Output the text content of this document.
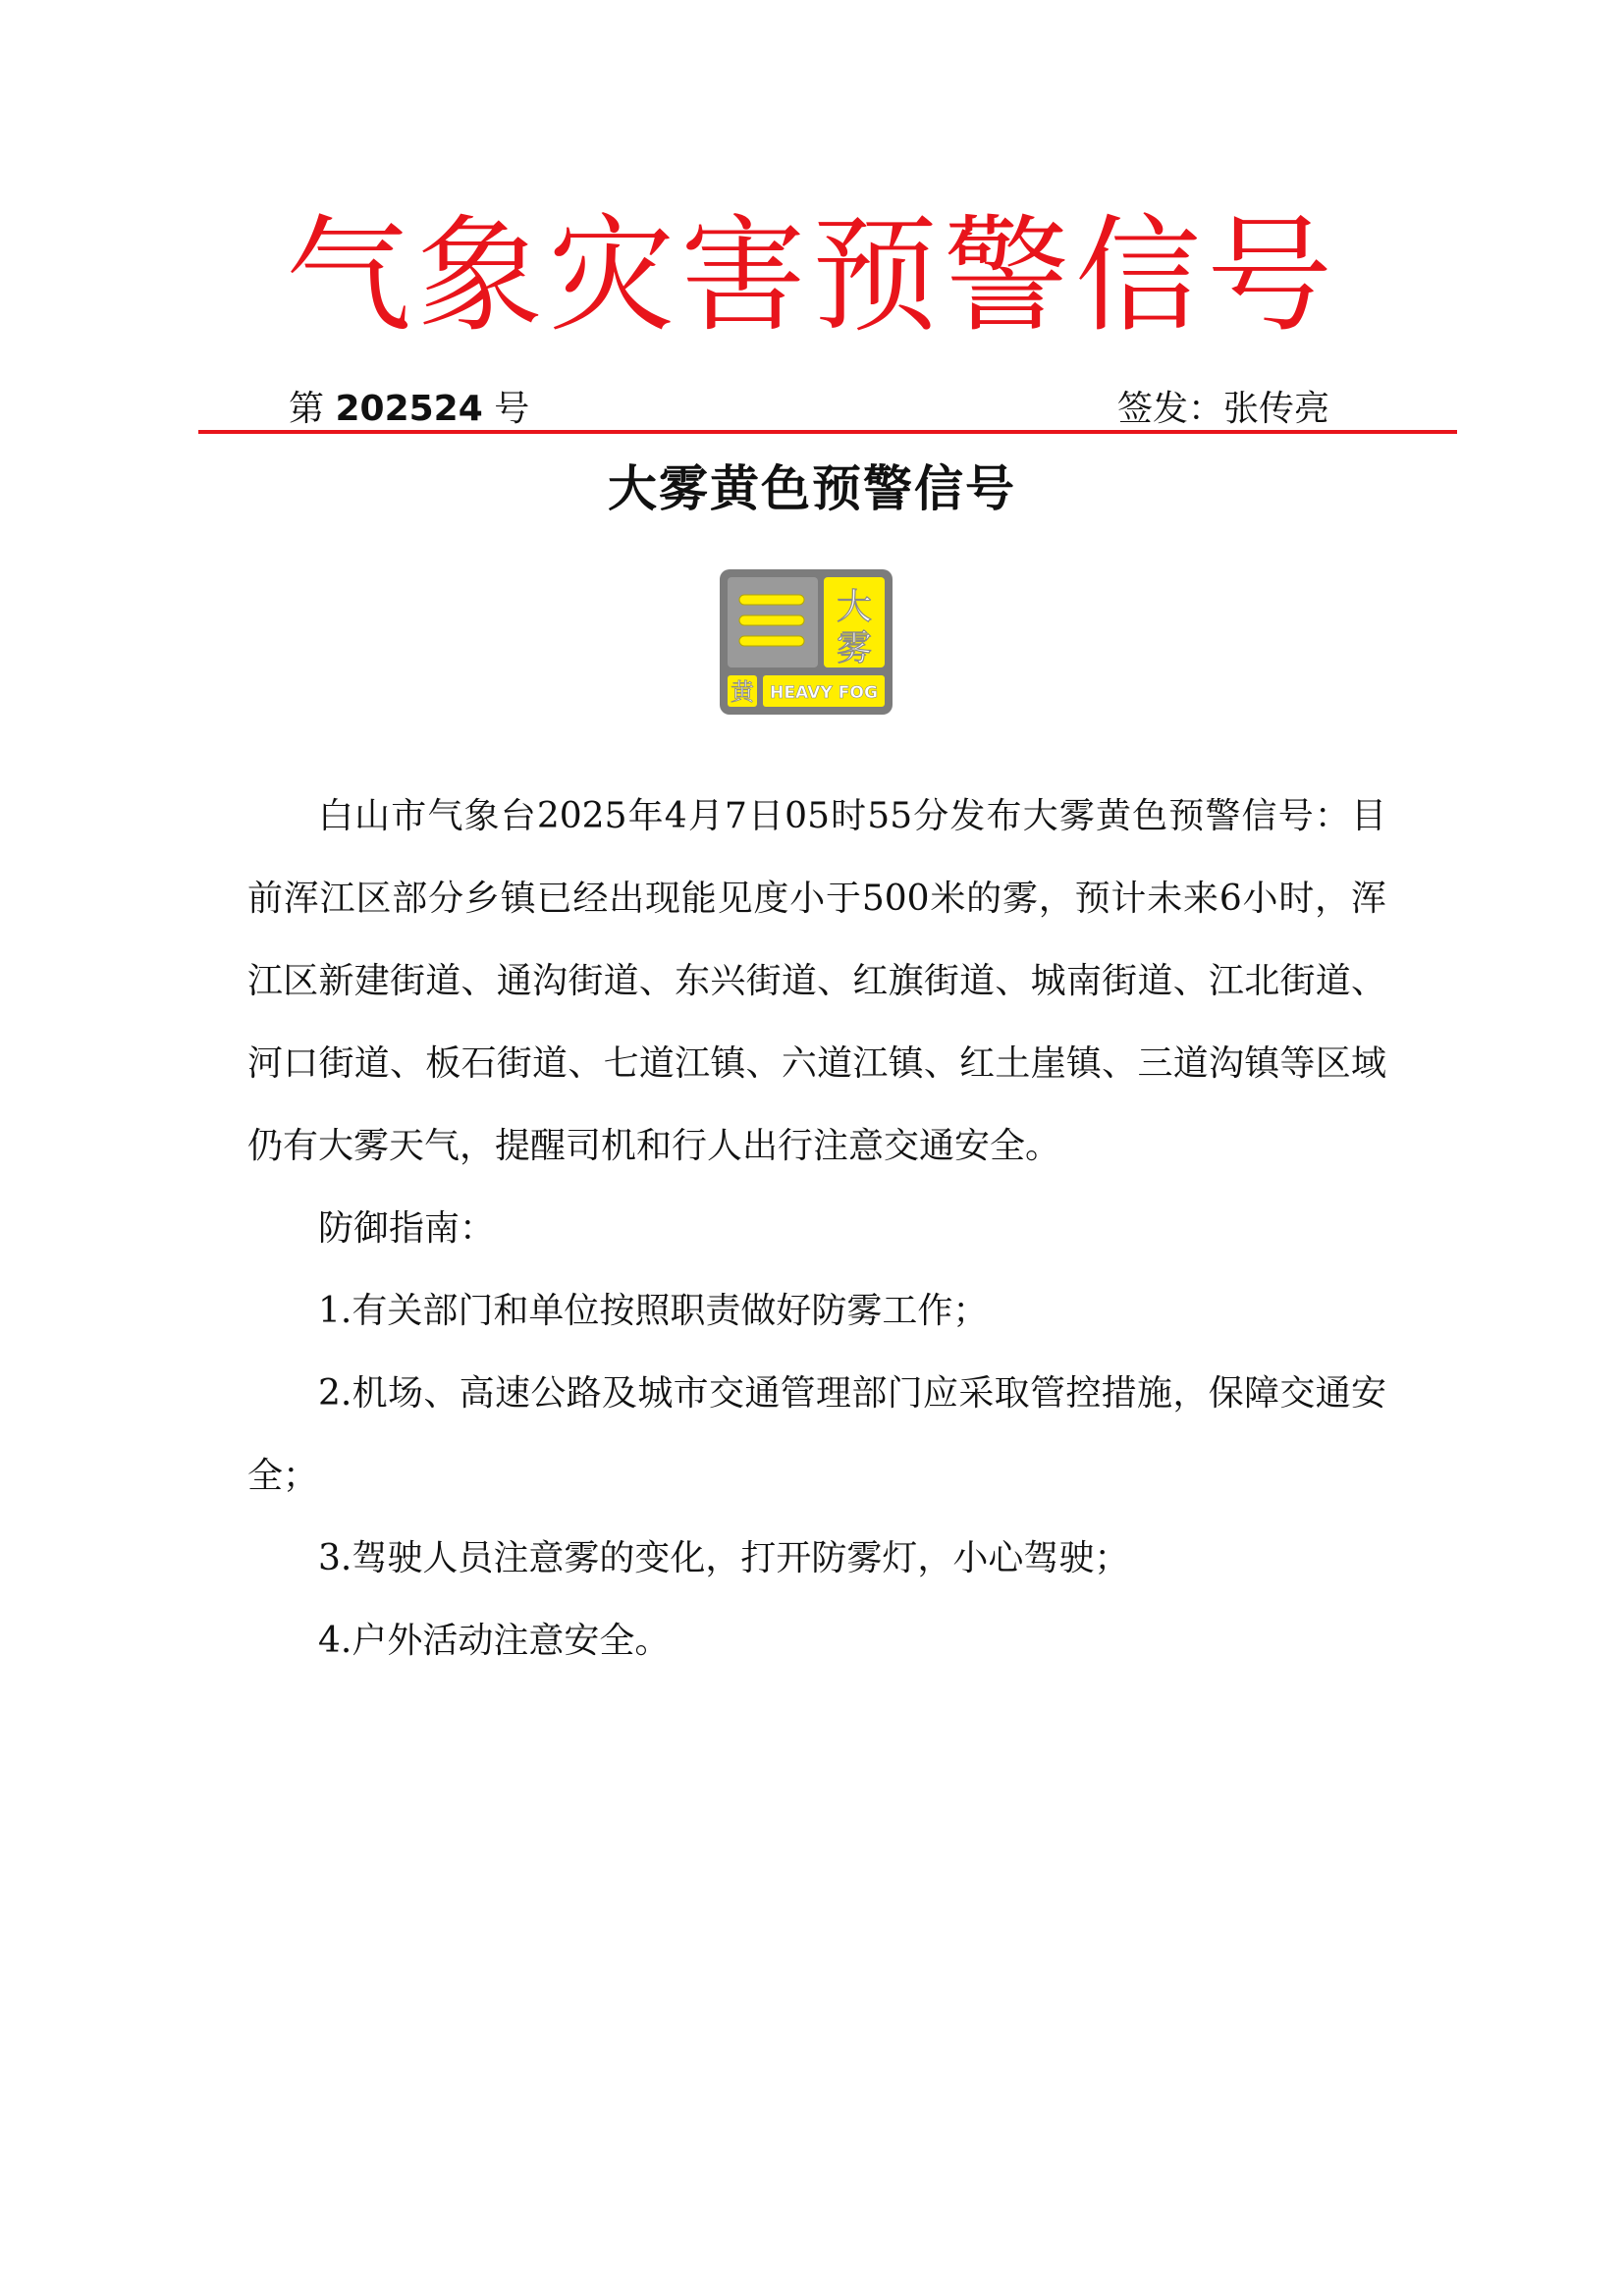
气象灾害预警信号
第 202524 号	签发：张传亮
大雾黄色预警信号
大
雾
黄 HEAVY FOG

白山市气象台2025年4月7日05时55分发布大雾黄色预警信号：目前浑江区部分乡镇已经出现能见度小于500米的雾，预计未来6小时，浑江区新建街道、通沟街道、东兴街道、红旗街道、城南街道、江北街道、河口街道、板石街道、七道江镇、六道江镇、红土崖镇、三道沟镇等区域仍有大雾天气，提醒司机和行人出行注意交通安全。

防御指南：

1.有关部门和单位按照职责做好防雾工作；

2.机场、高速公路及城市交通管理部门应采取管控措施，保障交通安全；

3.驾驶人员注意雾的变化，打开防雾灯，小心驾驶；

4.户外活动注意安全。
